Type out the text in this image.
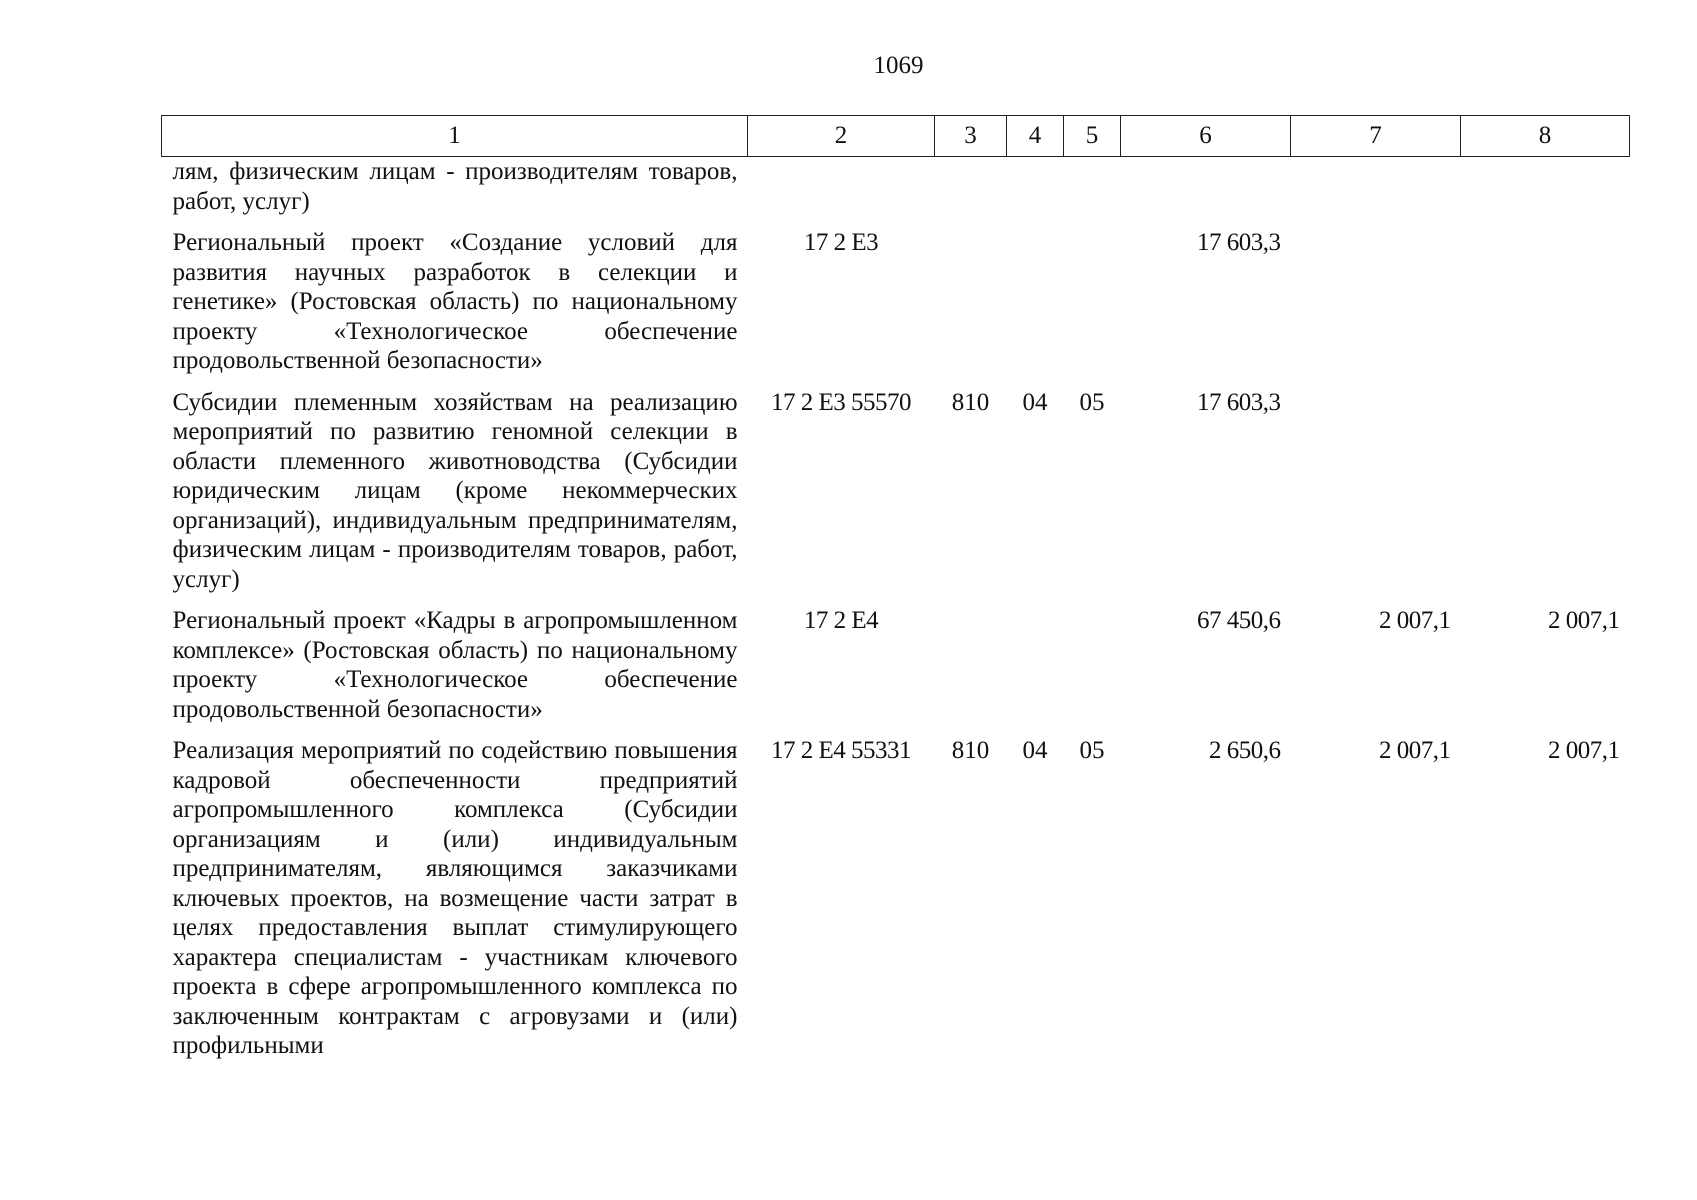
1069
1	2	3	4	5	6	7	8
лям, физическим лицам - производителям товаров, работ, услуг)							
Региональный проект «Создание условий для развития научных разработок в селекции и генетике» (Ростовская область) по национальному проекту «Технологическое обеспечение продовольственной безопасности»	17 2 Е3				17 603,3		
Субсидии племенным хозяйствам на реализацию мероприятий по развитию геномной селекции в области племенного животноводства (Субсидии юридическим лицам (кроме некоммерческих организаций), индивидуальным предпринимателям, физическим лицам - производителям товаров, работ, услуг)	17 2 Е3 55570	810	04	05	17 603,3		
Региональный проект «Кадры в агропромышленном комплексе» (Ростовская область) по национальному проекту «Технологическое обеспечение продовольственной безопасности»	17 2 Е4				67 450,6	2 007,1	2 007,1
Реализация мероприятий по содействию повышения кадровой обеспеченности предприятий агропромышленного комплекса (Субсидии организациям и (или) индивидуальным предпринимателям, являющимся заказчиками ключевых проектов, на возмещение части затрат в целях предоставления выплат стимулирующего характера специалистам - участникам ключевого проекта в сфере агропромышленного комплекса по заключенным контрактам с агровузами и (или) профильными	17 2 Е4 55331	810	04	05	2 650,6	2 007,1	2 007,1
